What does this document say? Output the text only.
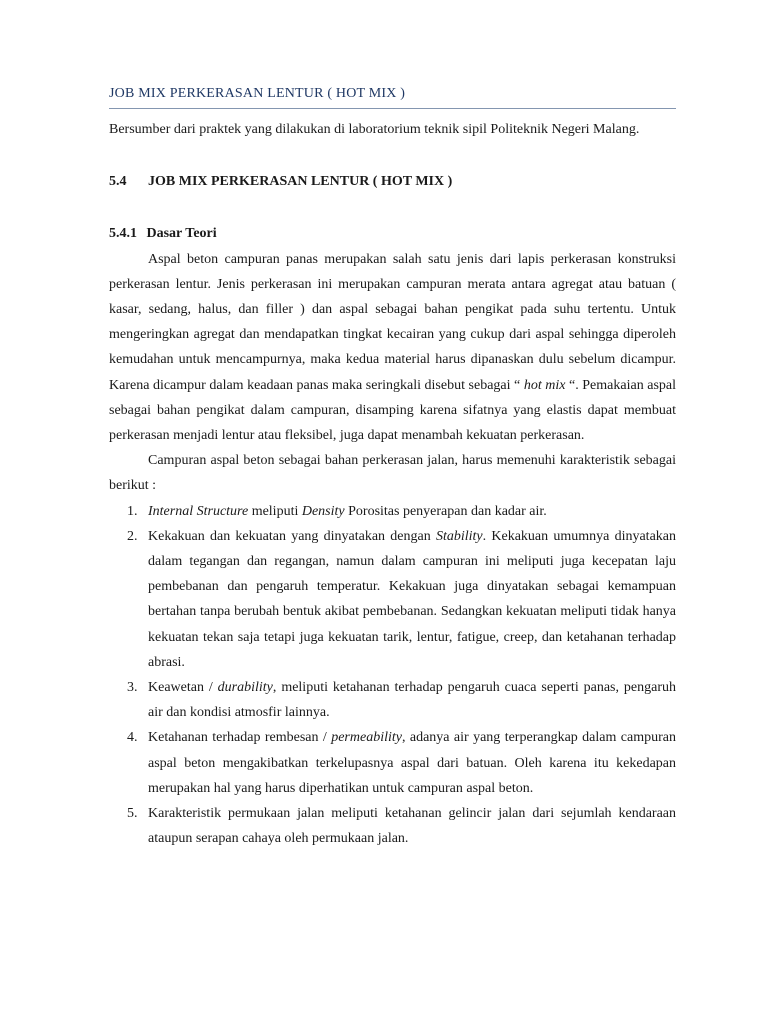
JOB MIX PERKERASAN LENTUR ( HOT MIX )

Bersumber dari praktek yang dilakukan di laboratorium teknik sipil Politeknik Negeri Malang.

5.4	JOB MIX PERKERASAN LENTUR ( HOT MIX )
5.4.1 Dasar Teori

Aspal beton campuran panas merupakan salah satu jenis dari lapis perkerasan konstruksi perkerasan lentur. Jenis perkerasan ini merupakan campuran merata antara agregat atau batuan ( kasar, sedang, halus, dan filler ) dan aspal sebagai bahan pengikat pada suhu tertentu. Untuk mengeringkan agregat dan mendapatkan tingkat kecairan yang cukup dari aspal sehingga diperoleh kemudahan untuk mencampurnya, maka kedua material harus dipanaskan dulu sebelum dicampur. Karena dicampur dalam keadaan panas maka seringkali disebut sebagai “ hot mix “. Pemakaian aspal sebagai bahan pengikat dalam campuran, disamping karena sifatnya yang elastis dapat membuat perkerasan menjadi lentur atau fleksibel, juga dapat menambah kekuatan perkerasan.

Campuran aspal beton sebagai bahan perkerasan jalan, harus memenuhi karakteristik sebagai berikut :

1. Internal Structure meliputi Density Porositas penyerapan dan kadar air.
2. Kekakuan dan kekuatan yang dinyatakan dengan Stability. Kekakuan umumnya dinyatakan dalam tegangan dan regangan, namun dalam campuran ini meliputi juga kecepatan laju pembebanan dan pengaruh temperatur. Kekakuan juga dinyatakan sebagai kemampuan bertahan tanpa berubah bentuk akibat pembebanan. Sedangkan kekuatan meliputi tidak hanya kekuatan tekan saja tetapi juga kekuatan tarik, lentur, fatigue, creep, dan ketahanan terhadap abrasi.
3. Keawetan / durability, meliputi ketahanan terhadap pengaruh cuaca seperti panas, pengaruh air dan kondisi atmosfir lainnya.
4. Ketahanan terhadap rembesan / permeability, adanya air yang terperangkap dalam campuran aspal beton mengakibatkan terkelupasnya aspal dari batuan. Oleh karena itu kekedapan merupakan hal yang harus diperhatikan untuk campuran aspal beton.
5. Karakteristik permukaan jalan meliputi ketahanan gelincir jalan dari sejumlah kendaraan ataupun serapan cahaya oleh permukaan jalan.
